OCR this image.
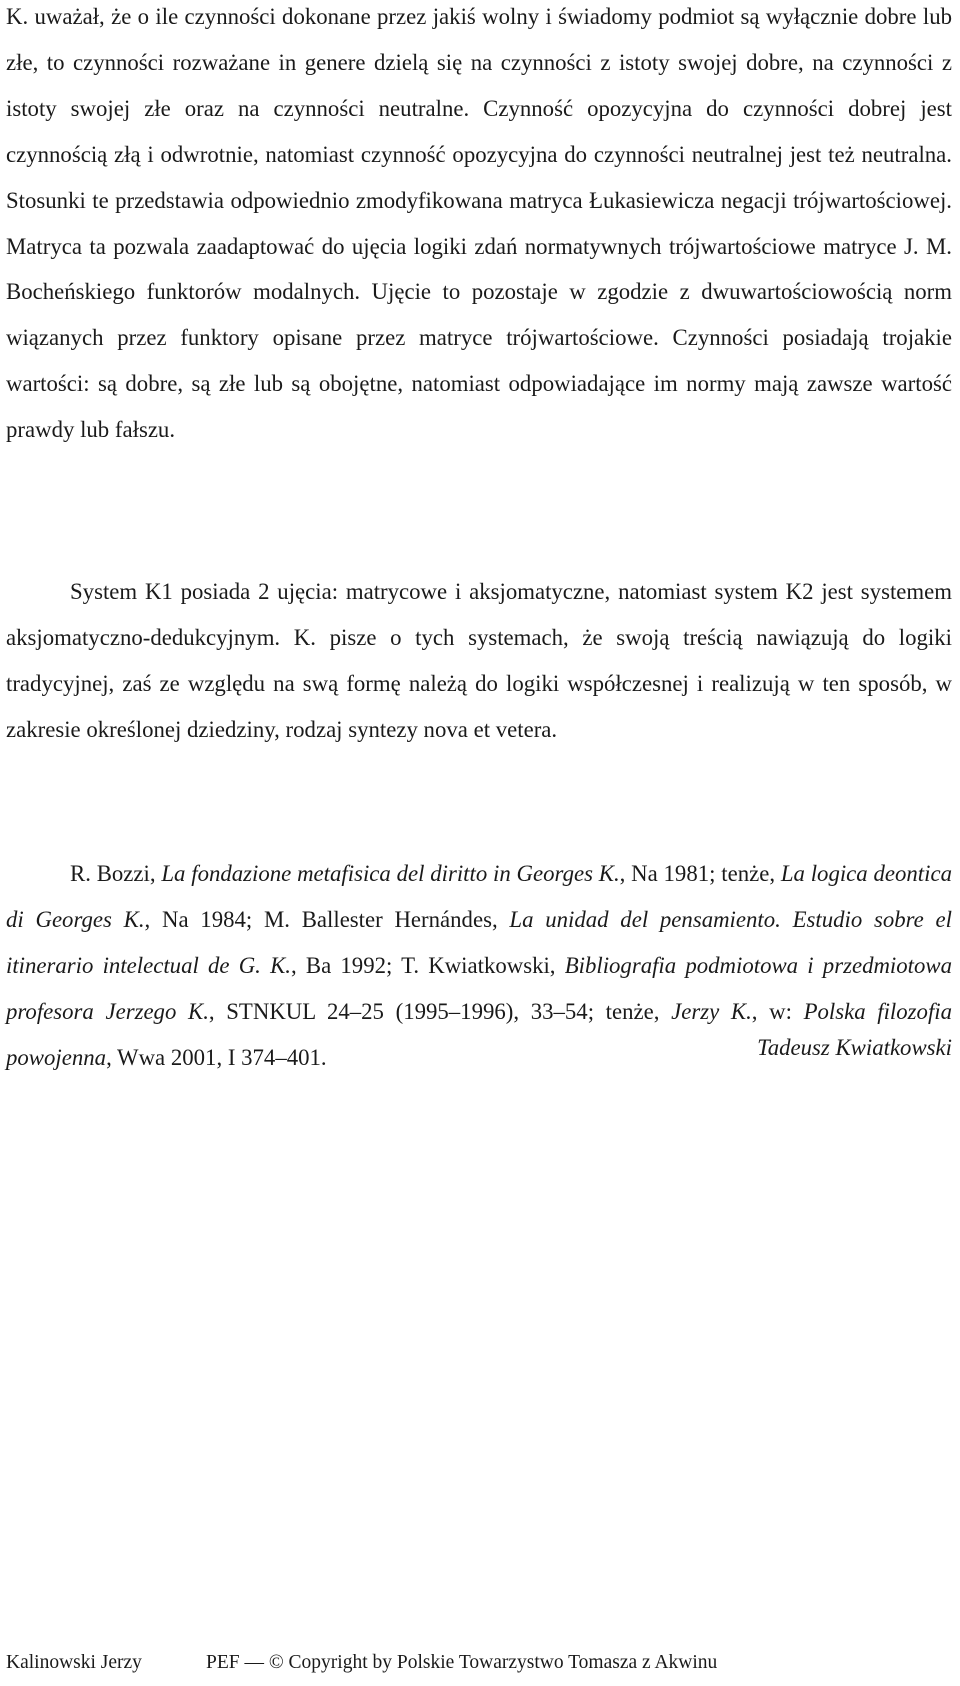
K. uważał, że o ile czynności dokonane przez jakiś wolny i świadomy podmiot są wyłącznie dobre lub złe, to czynności rozważane in genere dzielą się na czynności z istoty swojej dobre, na czynności z istoty swojej złe oraz na czynności neutralne. Czynność opozycyjna do czynności dobrej jest czynnością złą i odwrotnie, natomiast czynność opozycyjna do czynności neutralnej jest też neutralna. Stosunki te przedstawia odpowiednio zmodyfikowana matryca Łukasiewicza negacji trójwartościowej. Matryca ta pozwala zaadaptować do ujęcia logiki zdań normatywnych trójwartościowe matryce J. M. Bocheńskiego funktorów modalnych. Ujęcie to pozostaje w zgodzie z dwuwartościowością norm wiązanych przez funktory opisane przez matryce trójwartościowe. Czynności posiadają trojakie wartości: są dobre, są złe lub są obojętne, natomiast odpowiadające im normy mają zawsze wartość prawdy lub fałszu.

System K1 posiada 2 ujęcia: matrycowe i aksjomatyczne, natomiast system K2 jest systemem aksjomatyczno-dedukcyjnym. K. pisze o tych systemach, że swoją treścią nawiązują do logiki tradycyjnej, zaś ze względu na swą formę należą do logiki współczesnej i realizują w ten sposób, w zakresie określonej dziedziny, rodzaj syntezy nova et vetera.

R. Bozzi, La fondazione metafisica del diritto in Georges K., Na 1981; tenże, La logica deontica di Georges K., Na 1984; M. Ballester Hernándes, La unidad del pensamiento. Estudio sobre el itinerario intelectual de G. K., Ba 1992; T. Kwiatkowski, Bibliografia podmiotowa i przedmiotowa profesora Jerzego K., STNKUL 24–25 (1995–1996), 33–54; tenże, Jerzy K., w: Polska filozofia powojenna, Wwa 2001, I 374–401.	Tadeusz Kwiatkowski

Kalinowski Jerzy	PEF — © Copyright by Polskie Towarzystwo Tomasza z Akwinu
